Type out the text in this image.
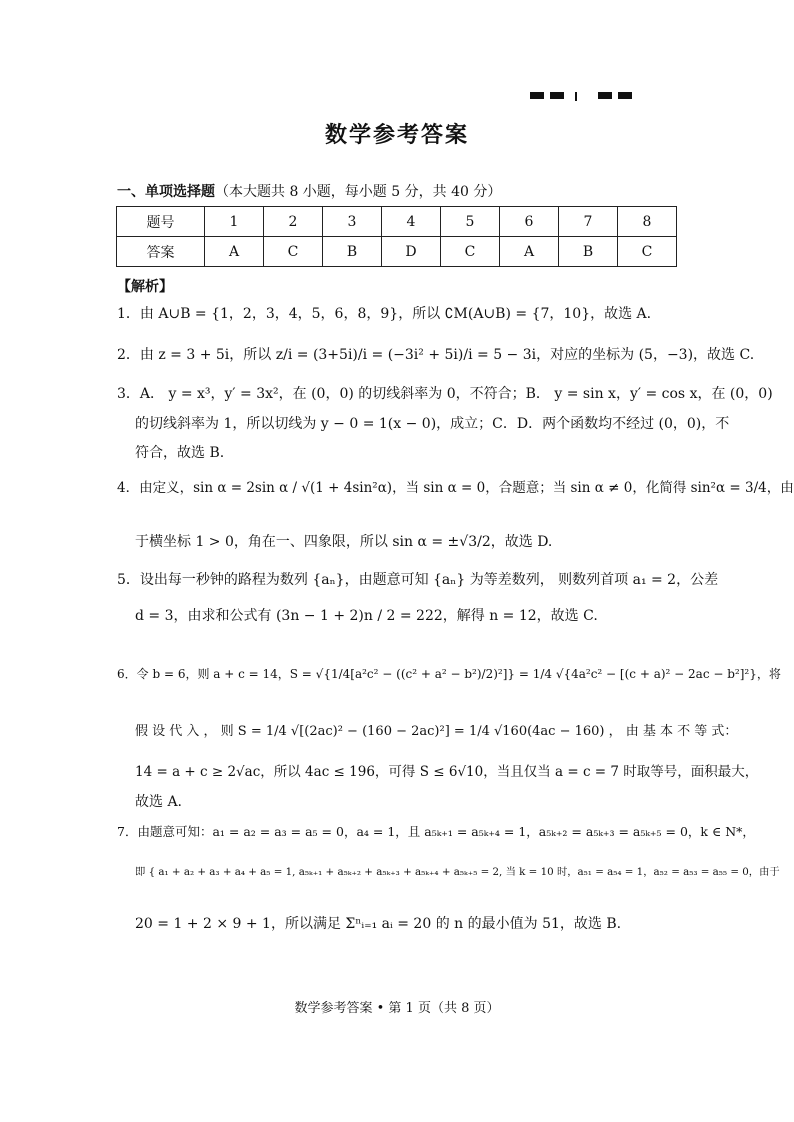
数学参考答案
一、单项选择题（本大题共 8 小题，每小题 5 分，共 40 分）
题号	1	2	3	4	5	6	7	8
答案	A	C	B	D	C	A	B	C
【解析】
1．由 A∪B = {1，2，3，4，5，6，8，9}，所以 ∁M(A∪B) = {7，10}，故选 A.
2．由 z = 3 + 5i，所以 z/i = (3+5i)/i = (−3i² + 5i)/i = 5 − 3i，对应的坐标为 (5，−3)，故选 C.
3．A． y = x³，y′ = 3x²，在 (0，0) 的切线斜率为 0，不符合；B． y = sin x，y′ = cos x，在 (0，0)
的切线斜率为 1，所以切线为 y − 0 = 1(x − 0)，成立；C．D．两个函数均不经过 (0，0)，不
符合，故选 B.
4．由定义，sin α = 2sin α / √(1 + 4sin²α)，当 sin α = 0，合题意；当 sin α ≠ 0，化简得 sin²α = 3/4，由
于横坐标 1 > 0，角在一、四象限，所以 sin α = ±√3/2，故选 D.
5．设出每一秒钟的路程为数列 {aₙ}，由题意可知 {aₙ} 为等差数列， 则数列首项 a₁ = 2，公差
d = 3，由求和公式有 (3n − 1 + 2)n / 2 = 222，解得 n = 12，故选 C.
6．令 b = 6，则 a + c = 14，S = √{1/4[a²c² − ((c² + a² − b²)/2)²]} = 1/4 √{4a²c² − [(c + a)² − 2ac − b²]²}，将
假 设 代 入 ， 则 S = 1/4 √[(2ac)² − (160 − 2ac)²] = 1/4 √160(4ac − 160) ， 由 基 本 不 等 式：
14 = a + c ≥ 2√ac，所以 4ac ≤ 196，可得 S ≤ 6√10，当且仅当 a = c = 7 时取等号，面积最大，
故选 A.
7．由题意可知：a₁ = a₂ = a₃ = a₅ = 0，a₄ = 1，且 a₅ₖ₊₁ = a₅ₖ₊₄ = 1，a₅ₖ₊₂ = a₅ₖ₊₃ = a₅ₖ₊₅ = 0，k ∈ N*，
即 { a₁ + a₂ + a₃ + a₄ + a₅ = 1, a₅ₖ₊₁ + a₅ₖ₊₂ + a₅ₖ₊₃ + a₅ₖ₊₄ + a₅ₖ₊₅ = 2, 当 k = 10 时，a₅₁ = a₅₄ = 1，a₅₂ = a₅₃ = a₅₅ = 0，由于
20 = 1 + 2 × 9 + 1，所以满足 Σⁿᵢ₌₁ aᵢ = 20 的 n 的最小值为 51，故选 B.
数学参考答案 • 第 1 页（共 8 页）
